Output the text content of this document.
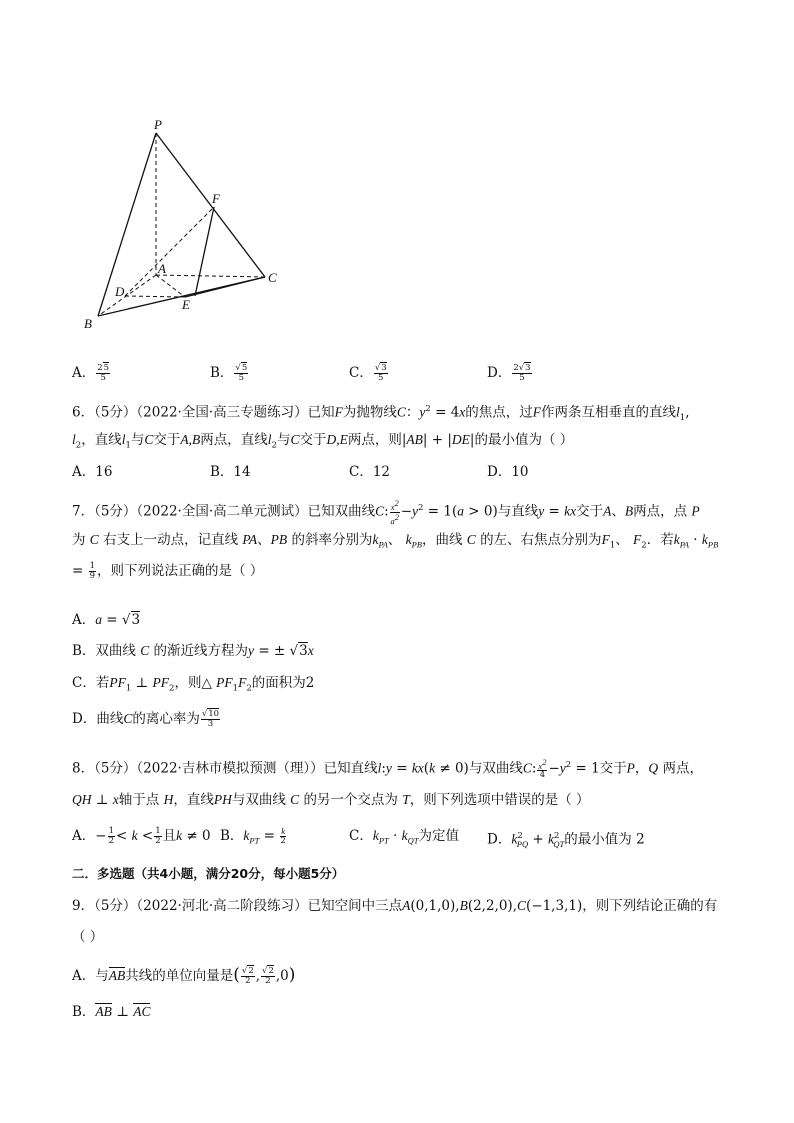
P
F
A
C
D
E
B
A． $\frac{25}{5}$	B． $\frac{√5}{5}$	C． $\frac{√3}{5}$	D． $\frac{2√3}{5}$
6．（5分）（2022·全国·高三专题练习）已知F为抛物线C：$y^2 = 4x$的焦点，过F作两条互相垂直的直线$l_1$,
$l_2$，直线$l_1$与C交于A,B两点，直线$l_2$与C交于D,E两点，则|AB| + |DE|的最小值为（ ）
A．16	B．14	C．12	D．10
7．（5分）（2022·全国·高二单元测试）已知双曲线C: $\frac{x^2}{a^2} -y^2 = 1(a > 0)$与直线y = kx交于A、B两点，点 P
为 C 右支上一动点，记直线 PA、PB 的斜率分别为$k_{PA}$、 $k_{PB}$，曲线 C 的左、右焦点分别为$F_1$、 $F_2$．若$k_{PA} \cdot k_{PB}$
= $\frac{1}{9}$ ，则下列说法正确的是（ ）
A．a = √3
B．双曲线 C 的渐近线方程为y = ± √3x
C．若$PF_1$ ⊥ $PF_2$，则△ $PF_1F_2$的面积为2
D．曲线C的离心率为 $\frac{√10}{3}$
8．（5分）（2022·吉林市模拟预测（理））已知直线l:y = kx(k ≠ 0)与双曲线C: $\frac{x^2}{4} -y^2 = 1$交于P，Q 两点，
QH ⊥ x轴于点 H，直线PH与双曲线 C 的另一个交点为 T，则下列选项中错误的是（ ）
A．− $\frac{1}{2} < k < \frac{1}{2}$ 且k ≠ 0 B．$k_{PT} = \frac{k}{2}$	C．$k_{PT} \cdot k_{QT}$为定值 D．$k^2_{PQ} + k^2_{QT}$的最小值为 2
二．多选题（共4小题，满分20分，每小题5分）
9．（5分）（2022·河北·高二阶段练习）已知空间中三点A(0,1,0),B(2,2,0),C(−1,3,1)，则下列结论正确的有
（ ）
A．与AB共线的单位向量是( $\frac{√2}{2}$ , $\frac{√2}{2} ,0$)
B．AB ⊥ AC
